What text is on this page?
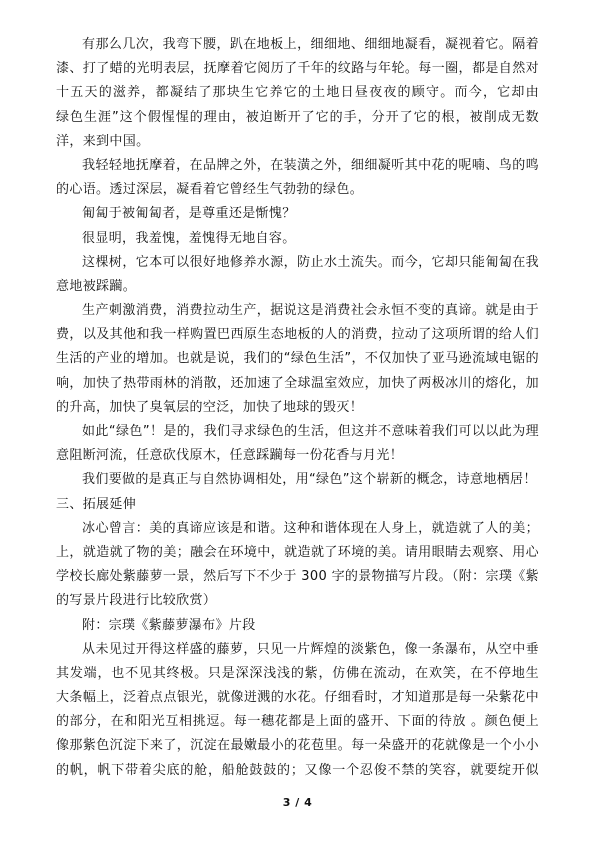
有那么几次，我弯下腰，趴在地板上，细细地、细细地凝看，凝视着它。隔着
漆、打了蜡的光明表层，抚摩着它阅历了千年的纹路与年轮。每一圈，都是自然对
十五天的滋养，都凝结了那块生它养它的土地日昼夜夜的顾守。而今，它却由
绿色生涯”这个假惺惺的理由，被迫断开了它的手，分开了它的根，被削成无数
洋，来到中国。
我轻轻地抚摩着，在品牌之外，在装潢之外，细细凝听其中花的呢喃、鸟的鸣
的心语。透过深层，凝看着它曾经生气勃勃的绿色。
匍匐于被匍匐者，是尊重还是惭愧？
很显明，我羞愧，羞愧得无地自容。
这棵树，它本可以很好地修养水源，防止水土流失。而今，它却只能匍匐在我
意地被踩躏。
生产刺激消费，消费拉动生产，据说这是消费社会永恒不变的真谛。就是由于
费，以及其他和我一样购置巴西原生态地板的人的消费，拉动了这项所谓的给人们
生活的产业的增加。也就是说，我们的“绿色生活”，不仅加快了亚马逊流域电锯的
响，加快了热带雨林的消散，还加速了全球温室效应，加快了两极冰川的熔化，加
的升高，加快了臭氧层的空泛，加快了地球的毁灭！
如此“绿色”！是的，我们寻求绿色的生活，但这并不意味着我们可以以此为理
意阻断河流，任意砍伐原木，任意踩躏每一份花香与月光！
我们要做的是真正与自然协调相处，用“绿色”这个崭新的概念，诗意地栖居！
三、拓展延伸
冰心曾言：美的真谛应该是和谐。这种和谐体现在人身上，就造就了人的美；
上，就造就了物的美；融会在环境中，就造就了环境的美。请用眼睛去观察、用心
学校长廊处紫藤萝一景，然后写下不少于 300 字的景物描写片段。（附：宗璞《紫
的写景片段进行比较欣赏）
附：宗璞《紫藤萝瀑布》片段
从未见过开得这样盛的藤萝，只见一片辉煌的淡紫色，像一条瀑布，从空中垂
其发端，也不见其终极。只是深深浅浅的紫，仿佛在流动，在欢笑，在不停地生
大条幅上，泛着点点银光，就像迸溅的水花。仔细看时，才知道那是每一朵紫花中
的部分，在和阳光互相挑逗。每一穗花都是上面的盛开、下面的待放 。颜色便上
像那紫色沉淀下来了，沉淀在最嫩最小的花苞里。每一朵盛开的花就像是一个小小
的帆，帆下带着尖底的舱，船舱鼓鼓的；又像一个忍俊不禁的笑容，就要绽开似
3 / 4
